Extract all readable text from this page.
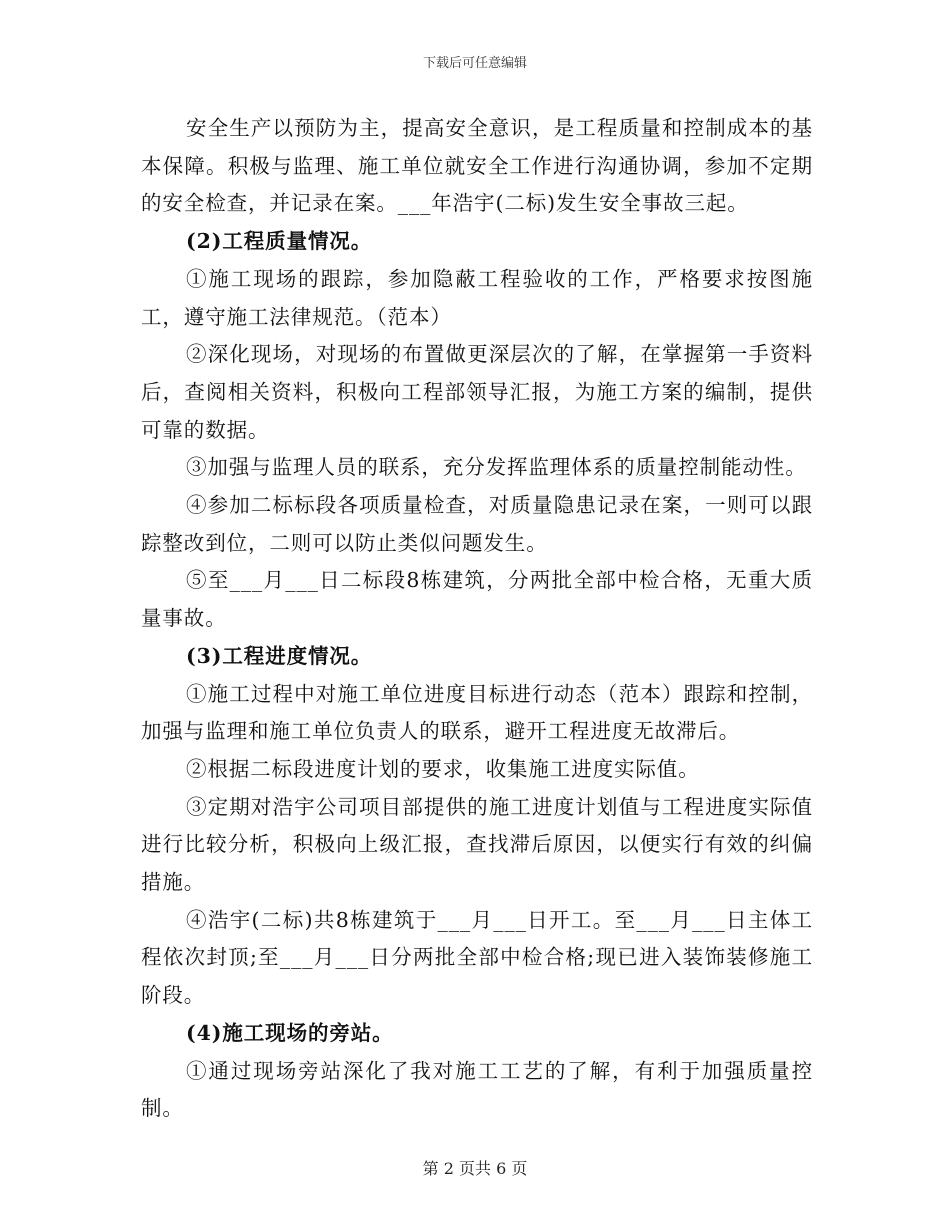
下载后可任意编辑

安全生产以预防为主，提高安全意识，是工程质量和控制成本的基本保障。积极与监理、施工单位就安全工作进行沟通协调，参加不定期的安全检查，并记录在案。___年浩宇(二标)发生安全事故三起。

(2)工程质量情况。

①施工现场的跟踪，参加隐蔽工程验收的工作，严格要求按图施工，遵守施工法律规范。（范本）

②深化现场，对现场的布置做更深层次的了解，在掌握第一手资料后，查阅相关资料，积极向工程部领导汇报，为施工方案的编制，提供可靠的数据。

③加强与监理人员的联系，充分发挥监理体系的质量控制能动性。

④参加二标标段各项质量检查，对质量隐患记录在案，一则可以跟踪整改到位，二则可以防止类似问题发生。

⑤至___月___日二标段8栋建筑，分两批全部中检合格，无重大质量事故。

(3)工程进度情况。

①施工过程中对施工单位进度目标进行动态（范本）跟踪和控制，加强与监理和施工单位负责人的联系，避开工程进度无故滞后。

②根据二标段进度计划的要求，收集施工进度实际值。

③定期对浩宇公司项目部提供的施工进度计划值与工程进度实际值进行比较分析，积极向上级汇报，查找滞后原因，以便实行有效的纠偏措施。

④浩宇(二标)共8栋建筑于___月___日开工。至___月___日主体工程依次封顶;至___月___日分两批全部中检合格;现已进入装饰装修施工阶段。

(4)施工现场的旁站。

①通过现场旁站深化了我对施工工艺的了解，有利于加强质量控制。

第 2 页共 6 页
